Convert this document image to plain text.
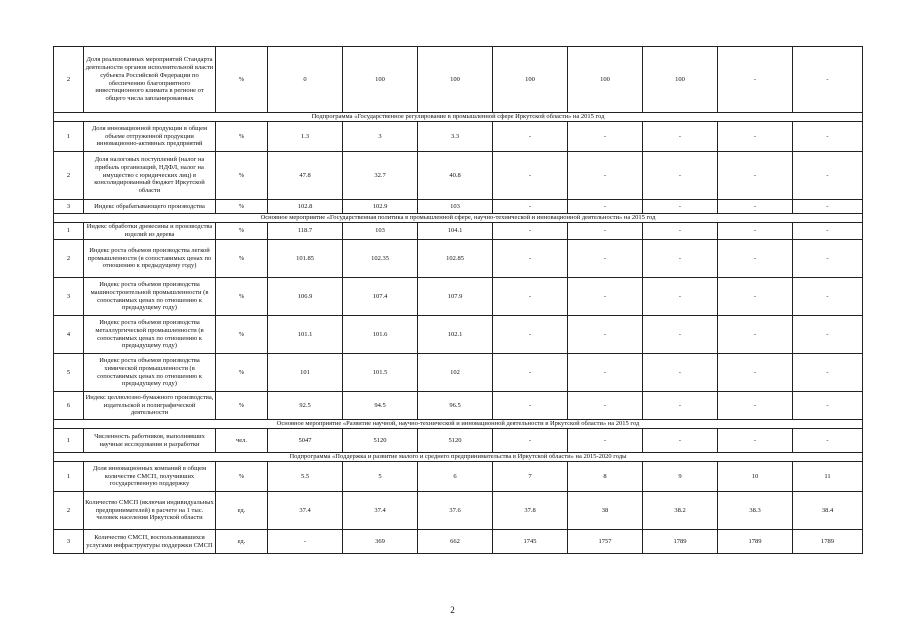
2	Доля реализованных мероприятий Стандарта деятельности органов исполнительной власти субъекта Российской Федерации по обеспечению благоприятного инвестиционного климата в регионе от общего числа запланированных	%	0	100	100	100	100	100	-	-
Подпрограмма «Государственное регулирование в промышленной сфере Иркутской области» на 2015 год										
1	Доля инновационной продукции в общем объеме отгруженной продукции инновационно-активных предприятий	%	1.3	3	3.3	-	-	-	-	-
2	Доля налоговых поступлений (налог на прибыль организаций, НДФЛ, налог на имущество с юридических лиц) в консолидированный бюджет Иркутской области	%	47.8	32.7	40.8	-	-	-	-	-
3	Индекс обрабатывающего производства	%	102.8	102.9	103	-	-	-	-	-
Основное мероприятие «Государственная политика в промышленной сфере, научно-технической и инновационной деятельности» на 2015 год										
1	Индекс обработки древесины и производства изделий из дерева	%	118.7	103	104.1	-	-	-	-	-
2	Индекс роста объемов производства легкой промышленности (в сопоставимых ценах по отношению к предыдущему году)	%	101.85	102.35	102.85	-	-	-	-	-
3	Индекс роста объемов производства машиностроительной промышленности (в сопоставимых ценах по отношению к предыдущему году)	%	106.9	107.4	107.9	-	-	-	-	-
4	Индекс роста объемов производства металлургической промышленности (в сопоставимых ценах по отношению к предыдущему году)	%	101.1	101.6	102.1	-	-	-	-	-
5	Индекс роста объемов производства химической промышленности (в сопоставимых ценах по отношению к предыдущему году)	%	101	101.5	102	-	-	-	-	-
6	Индекс целлюлозно-бумажного производства, издательской и полиграфической деятельности	%	92.5	94.5	96.5	-	-	-	-	-
Основное мероприятие «Развитие научной, научно-технической и инновационной деятельности в Иркутской области» на 2015 год										
1	Численность работников, выполнявших научные исследования и разработки	чел.	5047	5120	5120	-	-	-	-	-
Подпрограмма «Поддержка и развитие малого и среднего предпринимательства в Иркутской области» на 2015-2020 годы										
1	Доля инновационных компаний в общем количестве СМСП, получивших государственную поддержку	%	5.5	5	6	7	8	9	10	11
2	Количество СМСП (включая индивидуальных предпринимателей) в расчете на 1 тыс. человек населения Иркутской области	ед.	37.4	37.4	37.6	37.8	38	38.2	38.3	38.4
3	Количество СМСП, воспользовавшихся услугами инфраструктуры поддержки СМСП	ед.	-	369	662	1745	1757	1789	1789	1789
2
